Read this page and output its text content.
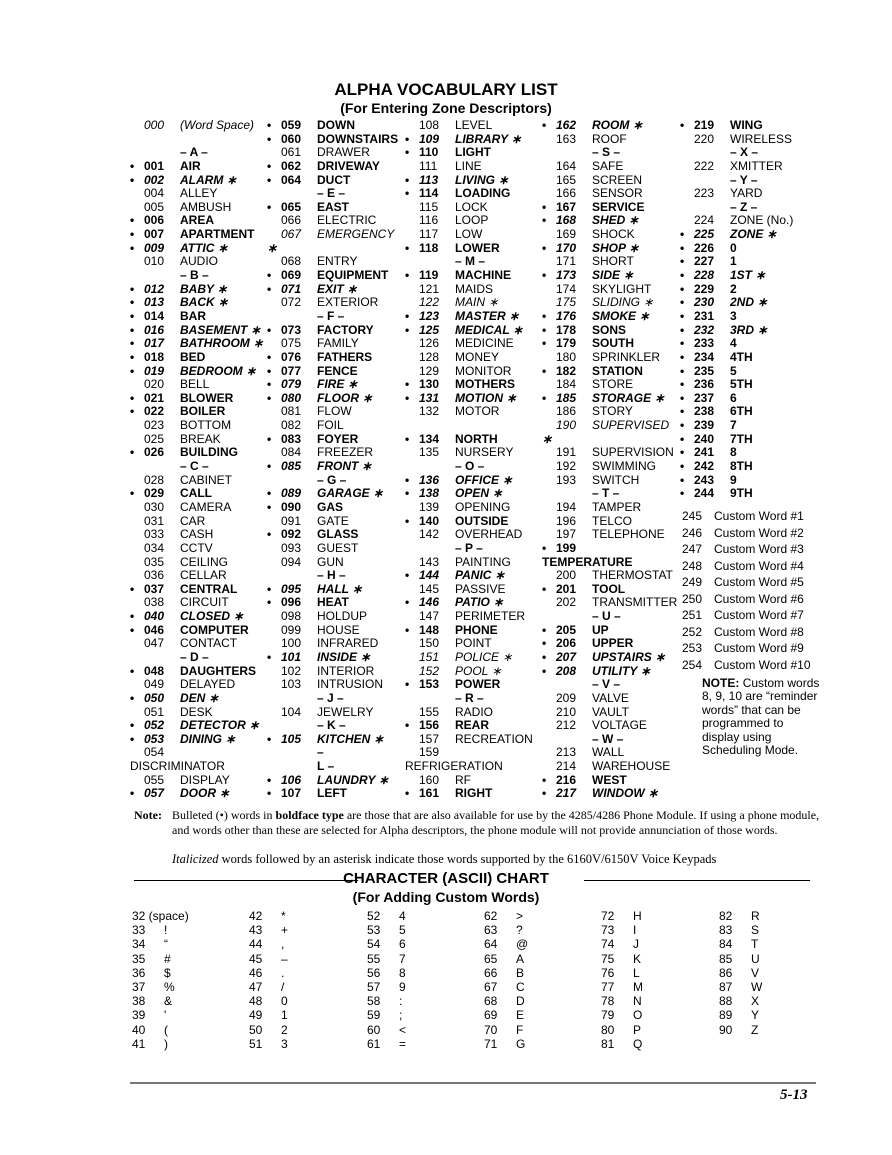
ALPHA VOCABULARY LIST
(For Entering Zone Descriptors)
000 (Word Space)
– A –
• 001 AIR
• 002 ALARM ∗
004 ALLEY
005 AMBUSH
• 006 AREA
• 007 APARTMENT
• 009 ATTIC ∗
010 AUDIO
– B –
• 012 BABY ∗
• 013 BACK ∗
• 014 BAR
• 016 BASEMENT ∗
• 017 BATHROOM ∗
• 018 BED
• 019 BEDROOM ∗
020 BELL
• 021 BLOWER
• 022 BOILER
023 BOTTOM
025 BREAK
• 026 BUILDING
– C –
028 CABINET
• 029 CALL
030 CAMERA
031 CAR
033 CASH
034 CCTV
035 CEILING
036 CELLAR
• 037 CENTRAL
038 CIRCUIT
• 040 CLOSED ∗
• 046 COMPUTER
047 CONTACT
– D –
• 048 DAUGHTERS
049 DELAYED
• 050 DEN ∗
051 DESK
• 052 DETECTOR ∗
• 053 DINING ∗
054
DISCRIMINATOR
055 DISPLAY
• 057 DOOR ∗
• 059 DOWN
• 060 DOWNSTAIRS
061 DRAWER
• 062 DRIVEWAY
• 064 DUCT
– E –
• 065 EAST
066 ELECTRIC
067 EMERGENCY
∗
068 ENTRY
• 069 EQUIPMENT
• 071 EXIT ∗
072 EXTERIOR
– F –
• 073 FACTORY
075 FAMILY
• 076 FATHERS
• 077 FENCE
• 079 FIRE ∗
• 080 FLOOR ∗
081 FLOW
082 FOIL
• 083 FOYER
084 FREEZER
• 085 FRONT ∗
– G –
• 089 GARAGE ∗
• 090 GAS
091 GATE
• 092 GLASS
093 GUEST
094 GUN
– H –
• 095 HALL ∗
• 096 HEAT
098 HOLDUP
099 HOUSE
100 INFRARED
• 101 INSIDE ∗
102 INTERIOR
103 INTRUSION
– J –
104 JEWELRY
– K –
• 105 KITCHEN ∗
–
L –
• 106 LAUNDRY ∗
• 107 LEFT
108 LEVEL
• 109 LIBRARY ∗
• 110 LIGHT
111 LINE
• 113 LIVING ∗
• 114 LOADING
115 LOCK
116 LOOP
117 LOW
• 118 LOWER
– M –
• 119 MACHINE
121 MAIDS
122 MAIN ∗
• 123 MASTER ∗
• 125 MEDICAL ∗
126 MEDICINE
128 MONEY
129 MONITOR
• 130 MOTHERS
• 131 MOTION ∗
132 MOTOR
• 134 NORTH
135 NURSERY
– O –
• 136 OFFICE ∗
• 138 OPEN ∗
139 OPENING
• 140 OUTSIDE
142 OVERHEAD
– P –
143 PAINTING
• 144 PANIC ∗
145 PASSIVE
• 146 PATIO ∗
147 PERIMETER
• 148 PHONE
150 POINT
151 POLICE ∗
152 POOL ∗
• 153 POWER
– R –
155 RADIO
• 156 REAR
157 RECREATION
159
REFRIGERATION
160 RF
• 161 RIGHT
• 162 ROOM ∗
163 ROOF
– S –
164 SAFE
165 SCREEN
166 SENSOR
• 167 SERVICE
• 168 SHED ∗
169 SHOCK
• 170 SHOP ∗
171 SHORT
• 173 SIDE ∗
174 SKYLIGHT
175 SLIDING ∗
• 176 SMOKE ∗
• 178 SONS
• 179 SOUTH
180 SPRINKLER
• 182 STATION
184 STORE
• 185 STORAGE ∗
186 STORY
190 SUPERVISED
∗
191 SUPERVISION
192 SWIMMING
193 SWITCH
– T –
194 TAMPER
196 TELCO
197 TELEPHONE
• 199
TEMPERATURE
200 THERMOSTAT
• 201 TOOL
202 TRANSMITTER
– U –
• 205 UP
• 206 UPPER
• 207 UPSTAIRS ∗
• 208 UTILITY ∗
– V –
209 VALVE
210 VAULT
212 VOLTAGE
– W –
213 WALL
214 WAREHOUSE
• 216 WEST
• 217 WINDOW ∗
• 219 WING
220 WIRELESS
– X –
222 XMITTER
– Y –
223 YARD
– Z –
224 ZONE (No.)
• 225 ZONE ∗
• 226 0
• 227 1
• 228 1ST ∗
• 229 2
• 230 2ND ∗
• 231 3
• 232 3RD ∗
• 233 4
• 234 4TH
• 235 5
• 236 5TH
• 237 6
• 238 6TH
• 239 7
• 240 7TH
• 241 8
• 242 8TH
• 243 9
• 244 9TH
245 Custom Word #1
246 Custom Word #2
247 Custom Word #3
248 Custom Word #4
249 Custom Word #5
250 Custom Word #6
251 Custom Word #7
252 Custom Word #8
253 Custom Word #9
254 Custom Word #10
NOTE: Custom words 8, 9, 10 are “reminder words” that can be programmed to display using Scheduling Mode.
Note: Bulleted (•) words in boldface type are those that are also available for use by the 4285/4286 Phone Module. If using a phone module, and words other than these are selected for Alpha descriptors, the phone module will not provide annunciation of those words.
Italicized words followed by an asterisk indicate those words supported by the 6160V/6150V Voice Keypads
CHARACTER (ASCII) CHART
(For Adding Custom Words)
32 (space)
33 !
34 “
35 #
36 $
37 %
38 &
39 '
40 (
41 )
42 *
43 +
44 ,
45 –
46 .
47 /
48 0
49 1
50 2
51 3
52 4
53 5
54 6
55 7
56 8
57 9
58 :
59 ;
60 <
61 =
62 >
63 ?
64 @
65 A
66 B
67 C
68 D
69 E
70 F
71 G
72 H
73 I
74 J
75 K
76 L
77 M
78 N
79 O
80 P
81 Q
82 R
83 S
84 T
85 U
86 V
87 W
88 X
89 Y
90 Z
5-13
